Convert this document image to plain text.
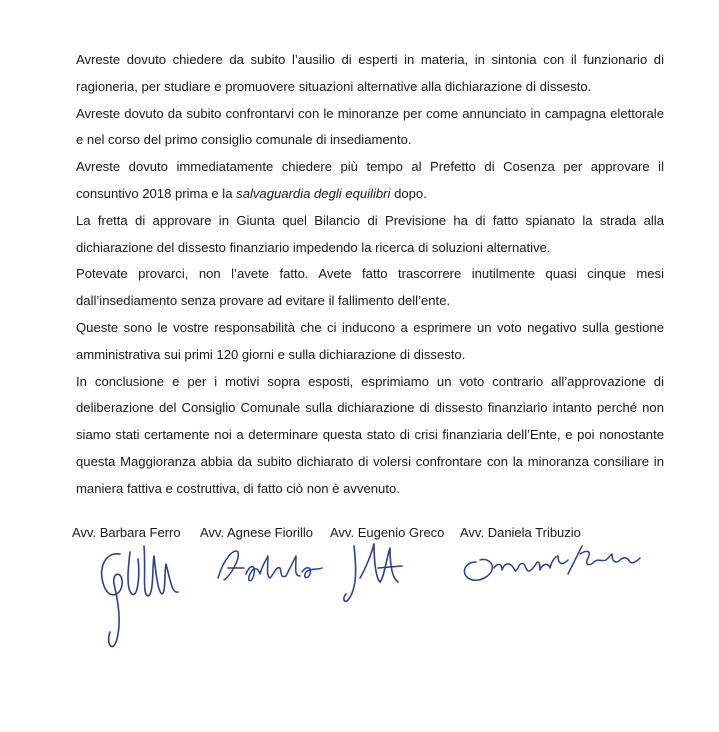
Avreste dovuto chiedere da subito l’ausilio di esperti in materia, in sintonia con il funzionario di ragioneria, per studiare e promuovere situazioni alternative alla dichiarazione di dissesto.

Avreste dovuto da subito confrontarvi con le minoranze per come annunciato in campagna elettorale e nel corso del primo consiglio comunale di insediamento.

Avreste dovuto immediatamente chiedere più tempo al Prefetto di Cosenza per approvare il consuntivo 2018 prima e la salvaguardia degli equilibri dopo.

La fretta di approvare in Giunta quel Bilancio di Previsione ha di fatto spianato la strada alla dichiarazione del dissesto finanziario impedendo la ricerca di soluzioni alternative.

Potevate provarci, non l’avete fatto. Avete fatto trascorrere inutilmente quasi cinque mesi dall’insediamento senza provare ad evitare il fallimento dell’ente.

Queste sono le vostre responsabilità che ci inducono a esprimere un voto negativo sulla gestione amministrativa sui primi 120 giorni e sulla dichiarazione di dissesto.

In conclusione e per i motivi sopra esposti, esprimiamo un voto contrario all’approvazione di deliberazione del Consiglio Comunale sulla dichiarazione di dissesto finanziario intanto perché non siamo stati certamente noi a determinare questa stato di crisi finanziaria dell’Ente, e poi nonostante questa Maggioranza abbia da subito dichiarato di volersi confrontare con la minoranza consiliare in maniera fattiva e costruttiva, di fatto ciò non è avvenuto.

Avv. Barbara Ferro Avv. Agnese Fiorillo Avv. Eugenio Greco Avv. Daniela Tribuzio
